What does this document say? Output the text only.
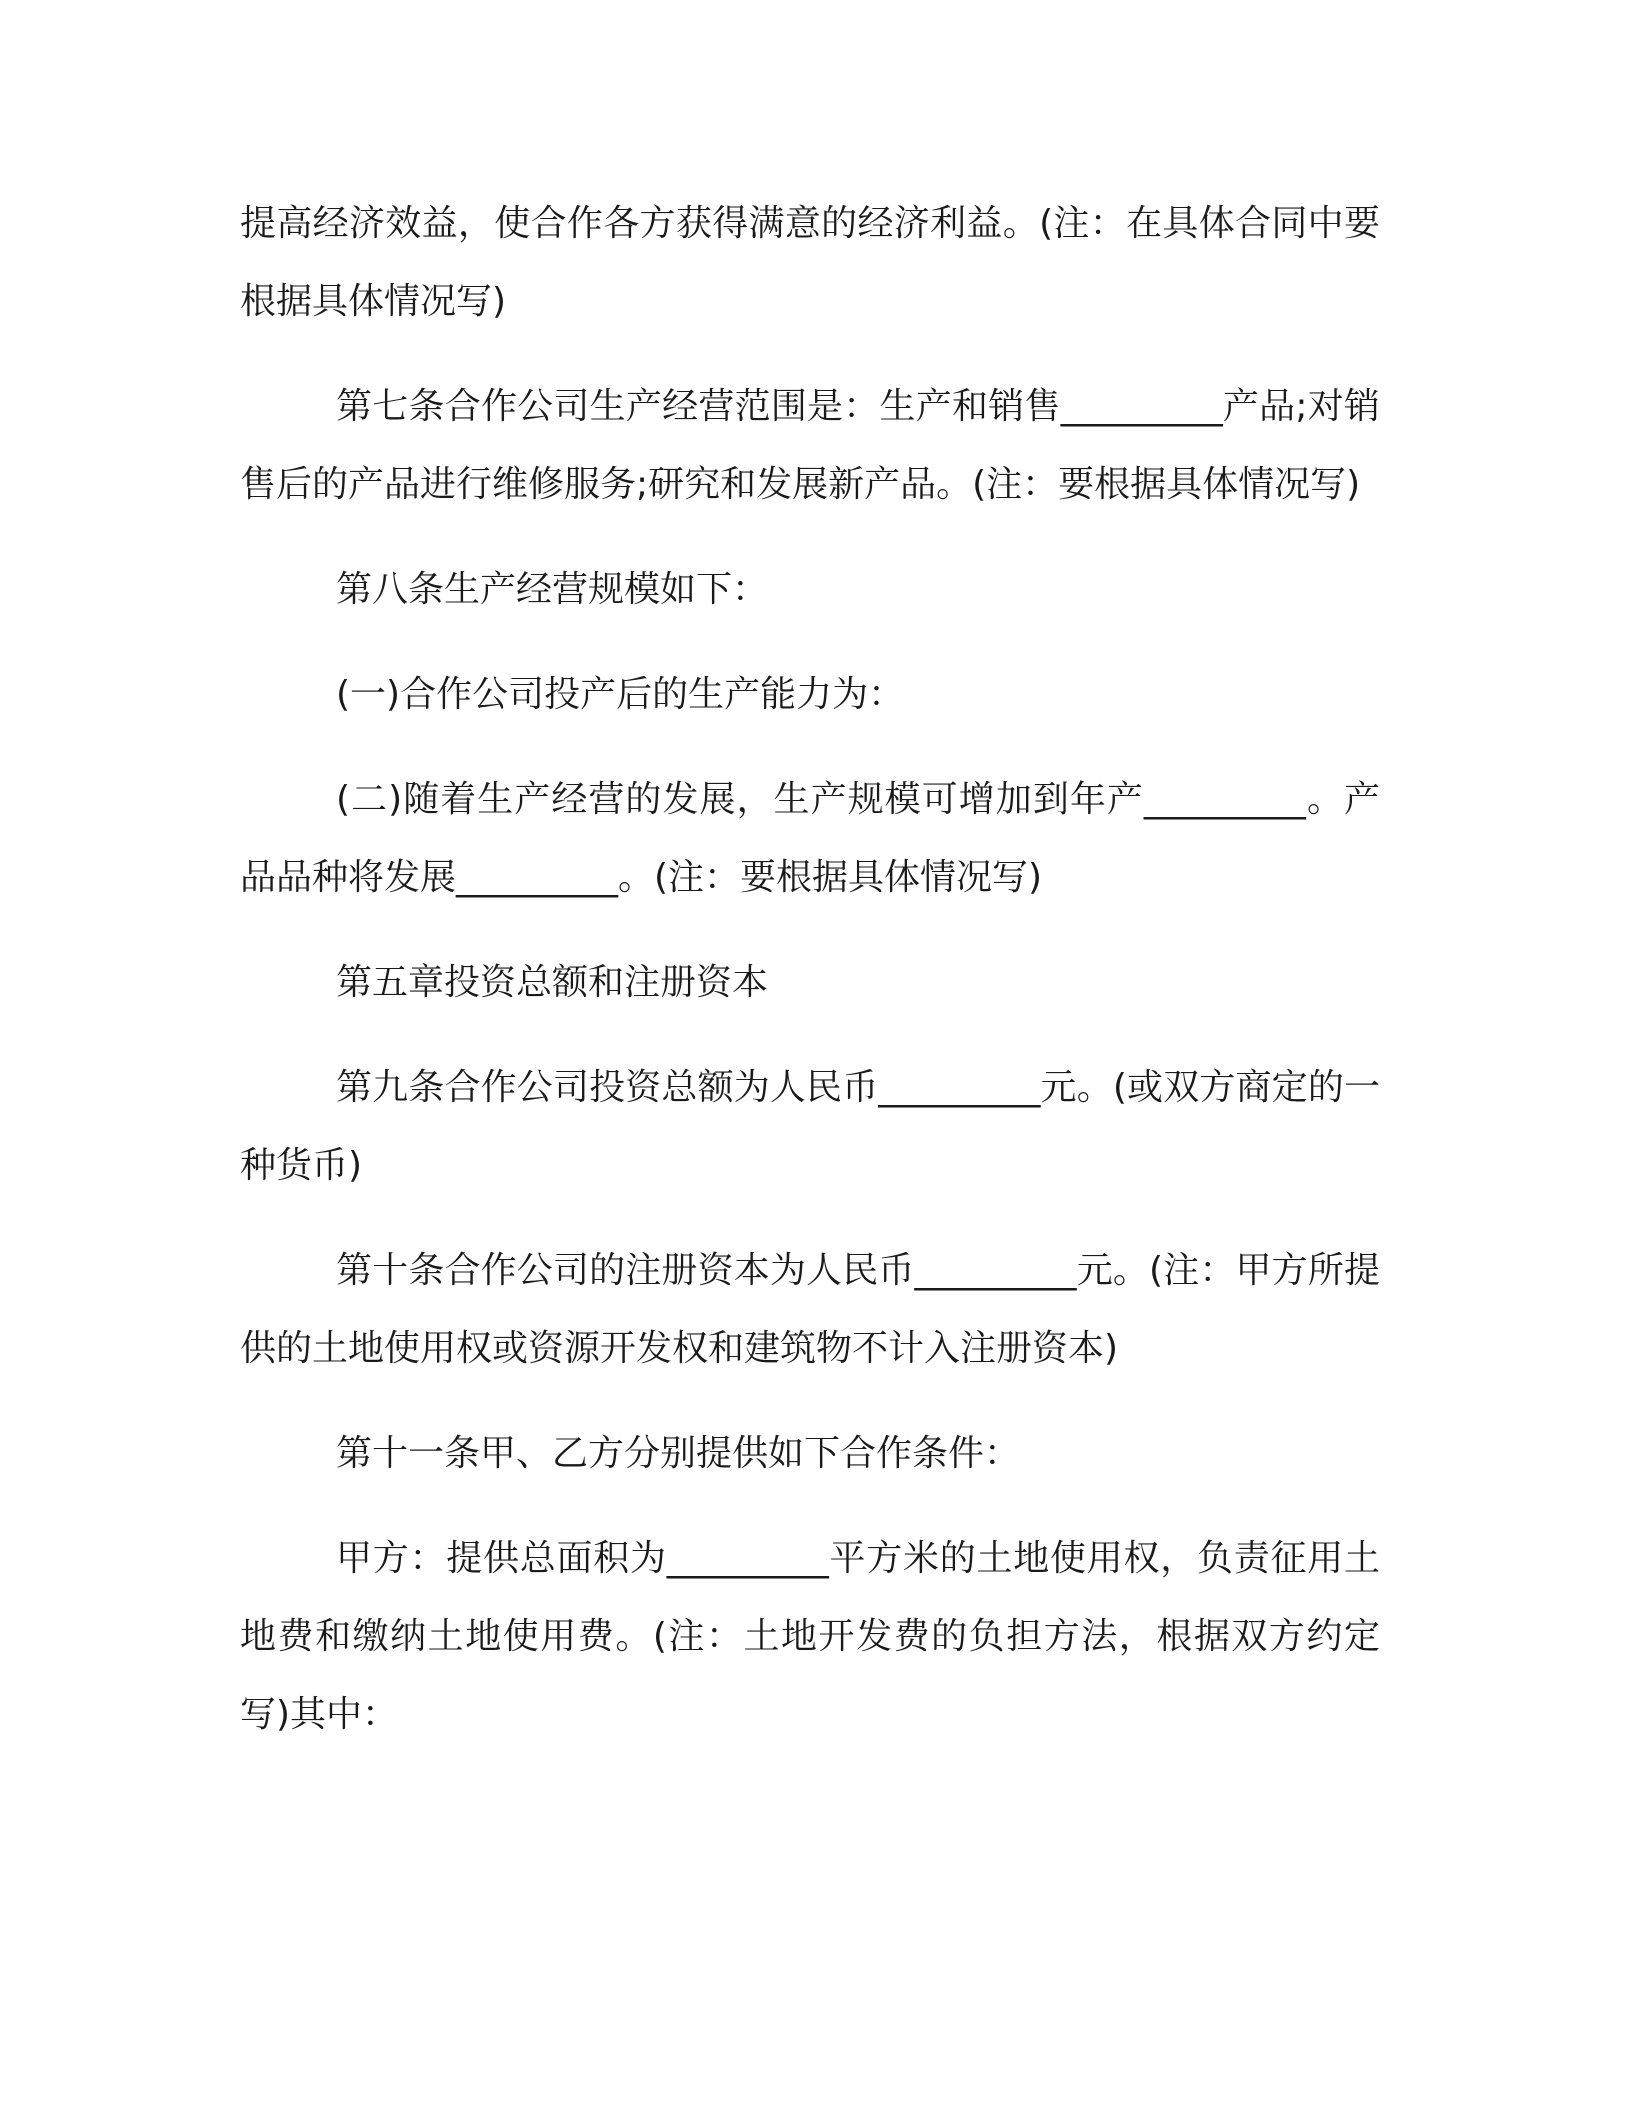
提高经济效益，使合作各方获得满意的经济利益。(注：在具体合同中要根据具体情况写)

第七条合作公司生产经营范围是：生产和销售_________产品;对销售后的产品进行维修服务;研究和发展新产品。(注：要根据具体情况写)

第八条生产经营规模如下：

(一)合作公司投产后的生产能力为：

(二)随着生产经营的发展，生产规模可增加到年产_________。产品品种将发展_________。(注：要根据具体情况写)

第五章投资总额和注册资本

第九条合作公司投资总额为人民币_________元。(或双方商定的一种货币)

第十条合作公司的注册资本为人民币_________元。(注：甲方所提供的土地使用权或资源开发权和建筑物不计入注册资本)

第十一条甲、乙方分别提供如下合作条件：

甲方：提供总面积为_________平方米的土地使用权，负责征用土地费和缴纳土地使用费。(注：土地开发费的负担方法，根据双方约定写)其中：
